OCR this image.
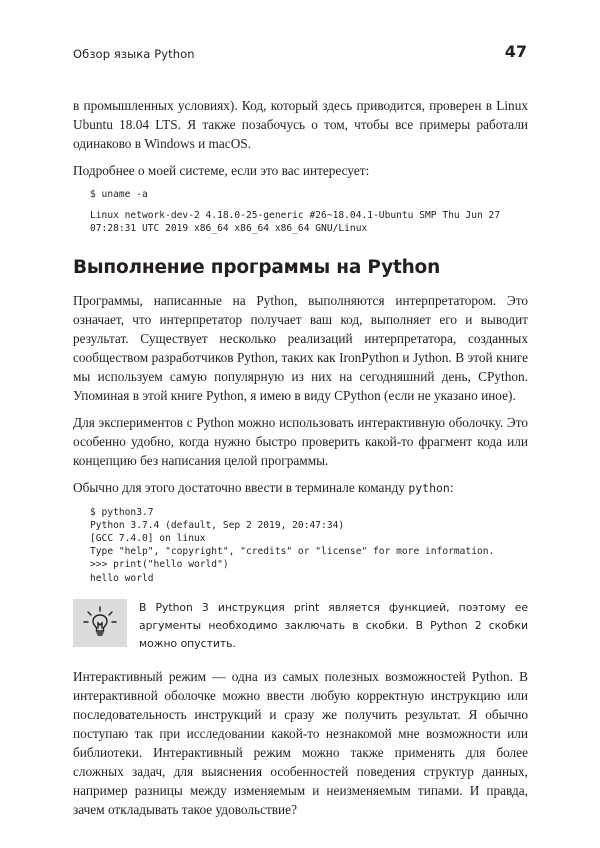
Обзор языка Python	47

в промышленных условиях). Код, который здесь приводится, проверен в Linux Ubuntu 18.04 LTS. Я также позабочусь о том, чтобы все примеры работали одинаково в Windows и macOS.

Подробнее о моей системе, если это вас интересует:

$ uname -a
Linux network-dev-2 4.18.0-25-generic #26~18.04.1-Ubuntu SMP Thu Jun 27
07:28:31 UTC 2019 x86_64 x86_64 x86_64 GNU/Linux
Выполнение программы на Python

Программы, написанные на Python, выполняются интерпретатором. Это означает, что интерпретатор получает ваш код, выполняет его и выводит результат. Существует несколько реализаций интерпретатора, созданных сообществом разработчиков Python, таких как IronPython и Jython. В этой книге мы используем самую популярную из них на сегодняшний день, CPython. Упоминая в этой книге Python, я имею в виду CPython (если не указано иное).

Для экспериментов с Python можно использовать интерактивную оболочку. Это особенно удобно, когда нужно быстро проверить какой-то фрагмент кода или концепцию без написания целой программы.

Обычно для этого достаточно ввести в терминале команду python:

$ python3.7
Python 3.7.4 (default, Sep 2 2019, 20:47:34)
[GCC 7.4.0] on linux
Type "help", "copyright", "credits" or "license" for more information.
>>> print("hello world")
hello world
В Python 3 инструкция print является функцией, поэтому ее аргументы необходимо заключать в скобки. В Python 2 скобки можно опустить.

Интерактивный режим — одна из самых полезных возможностей Python. В интерактивной оболочке можно ввести любую корректную инструкцию или последовательность инструкций и сразу же получить результат. Я обычно поступаю так при исследовании какой-то незнакомой мне возможности или библиотеки. Интерактивный режим можно также применять для более сложных задач, для выяснения особенностей поведения структур данных, например разницы между изменяемым и неизменяемым типами. И правда, зачем откладывать такое удовольствие?
